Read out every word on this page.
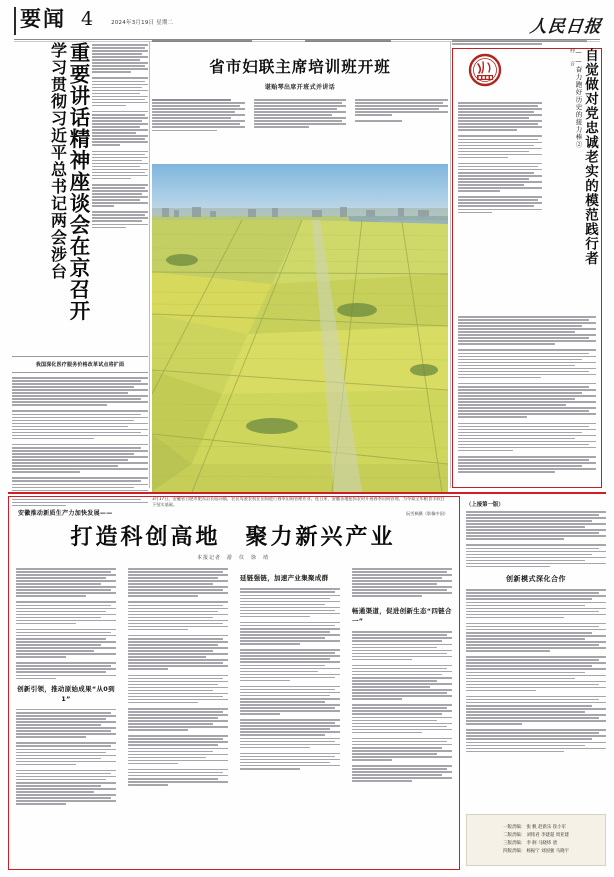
要闻 4	2024年3月19日 星期二	人民日报
重要讲话精神座谈会在京召开
学习贯彻习近平总书记两会涉台
我国深化医疗服务价格改革试点将扩面
省市妇联主席培训班开班
谌贻琴出席开班式并讲话
3月17日，安徽省合肥市肥东县长临河镇，农民驾驶农机在田间进行春季田间管理作业。连日来，安徽各地抢抓农时开展春季田间管理，为夺取全年粮食丰收打下坚实基础。
阮雪枫摄（影像中国）
自觉做对党忠诚老实的模范践行者
——奋力跑好历史的接力棒②
仲 音
安徽推动新质生产力加快发展——
打造科创高地　聚力新兴产业
本报记者　游　仪　徐　靖
创新引领，推动原始成果“从0到1”
延链强链，加速产业集聚成群
畅通渠道，促进创新生态“四链合一”
（上接第一版）
创新模式深化合作
一版责编： 张 帆 赵新乐 崔小军
二版责编： 刘铭君 李建超 周亚建
三版责编： 李 舸 马晓炜 唐
四版责编： 杨振宁 刘国强 马晓宇
